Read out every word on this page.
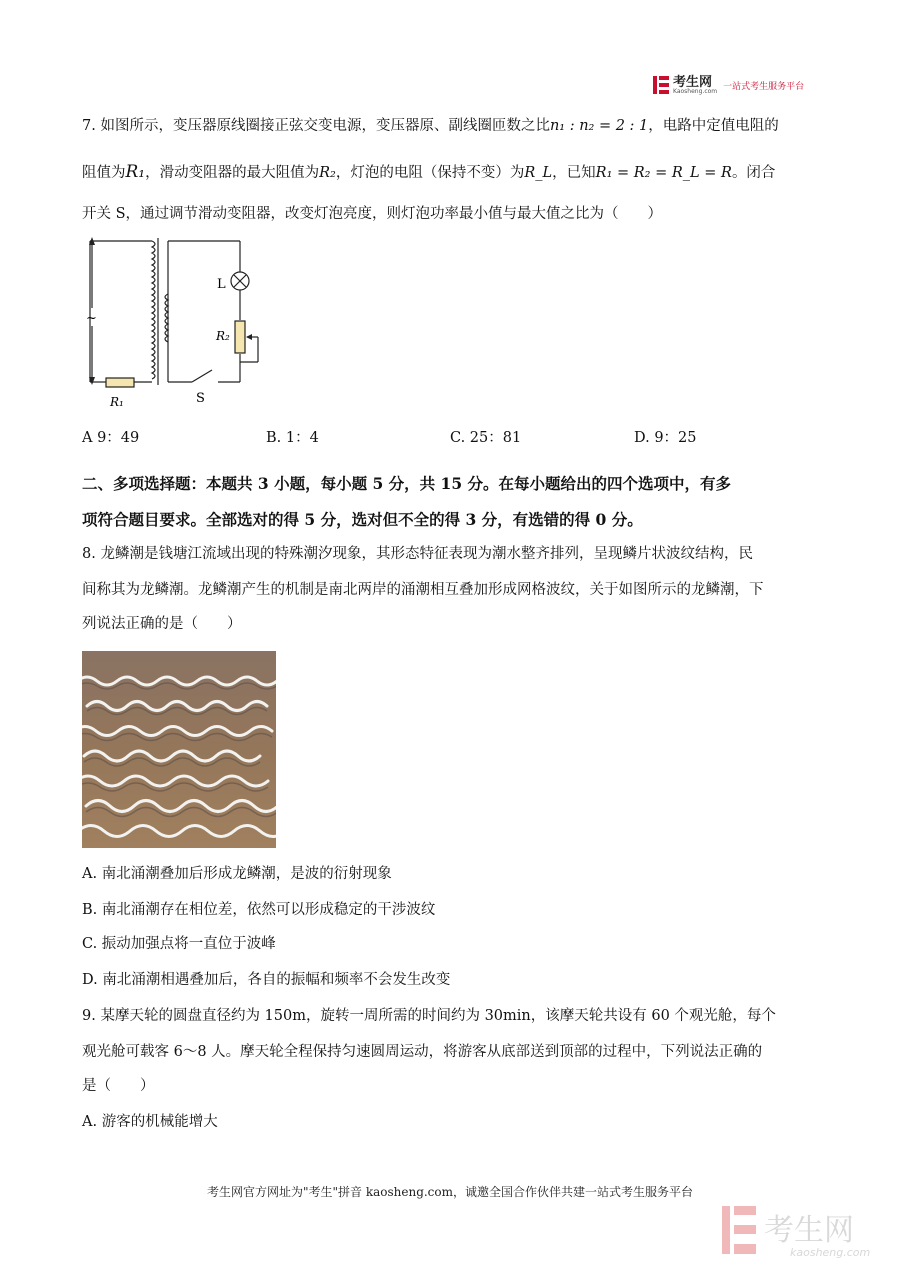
考生网
Kaosheng.com 一站式考生服务平台
7. 如图所示，变压器原线圈接正弦交变电源，变压器原、副线圈匝数之比n₁ : n₂ = 2 : 1，电路中定值电阻的
阻值为R₁，滑动变阻器的最大阻值为R₂，灯泡的电阻（保持不变）为R_L，已知R₁ = R₂ = R_L = R。闭合
开关 S，通过调节滑动变阻器，改变灯泡亮度，则灯泡功率最小值与最大值之比为（　　）
~
L
R₂
R₁	S
A 9：49	B. 1：4	C. 25：81	D. 9：25
二、多项选择题：本题共 3 小题，每小题 5 分，共 15 分。在每小题给出的四个选项中，有多
项符合题目要求。全部选对的得 5 分，选对但不全的得 3 分，有选错的得 0 分。
8. 龙鳞潮是钱塘江流域出现的特殊潮汐现象，其形态特征表现为潮水整齐排列，呈现鳞片状波纹结构，民
间称其为龙鳞潮。龙鳞潮产生的机制是南北两岸的涌潮相互叠加形成网格波纹，关于如图所示的龙鳞潮，下
列说法正确的是（　　）
A. 南北涌潮叠加后形成龙鳞潮，是波的衍射现象
B. 南北涌潮存在相位差，依然可以形成稳定的干涉波纹
C. 振动加强点将一直位于波峰
D. 南北涌潮相遇叠加后，各自的振幅和频率不会发生改变
9. 某摩天轮的圆盘直径约为 150m，旋转一周所需的时间约为 30min，该摩天轮共设有 60 个观光舱，每个
观光舱可载客 6～8 人。摩天轮全程保持匀速圆周运动，将游客从底部送到顶部的过程中，下列说法正确的
是（　　）
A. 游客的机械能增大
考生网官方网址为"考生"拼音 kaosheng.com，诚邀全国合作伙伴共建一站式考生服务平台
考生网
kaosheng.com
